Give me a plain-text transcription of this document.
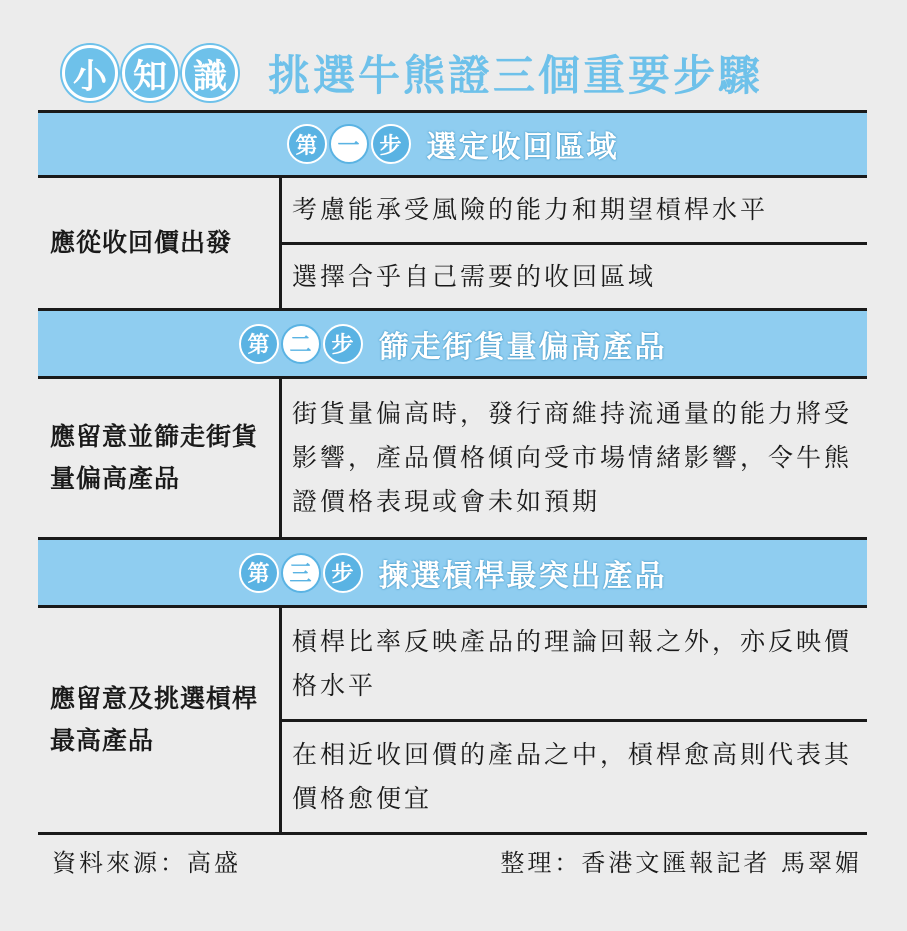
小 知 識 挑選牛熊證三個重要步驟
第 一 步 選定收回區域
應從收回價出發
考慮能承受風險的能力和期望槓桿水平
選擇合乎自己需要的收回區域
第 二 步 篩走街貨量偏高產品
應留意並篩走街貨量偏高產品
街貨量偏高時，發行商維持流通量的能力將受影響，產品價格傾向受市場情緒影響，令牛熊證價格表現或會未如預期
第 三 步 揀選槓桿最突出產品
應留意及挑選槓桿最高產品
槓桿比率反映產品的理論回報之外，亦反映價格水平
在相近收回價的產品之中，槓桿愈高則代表其價格愈便宜
資料來源：高盛	整理：香港文匯報記者 馬翠媚
